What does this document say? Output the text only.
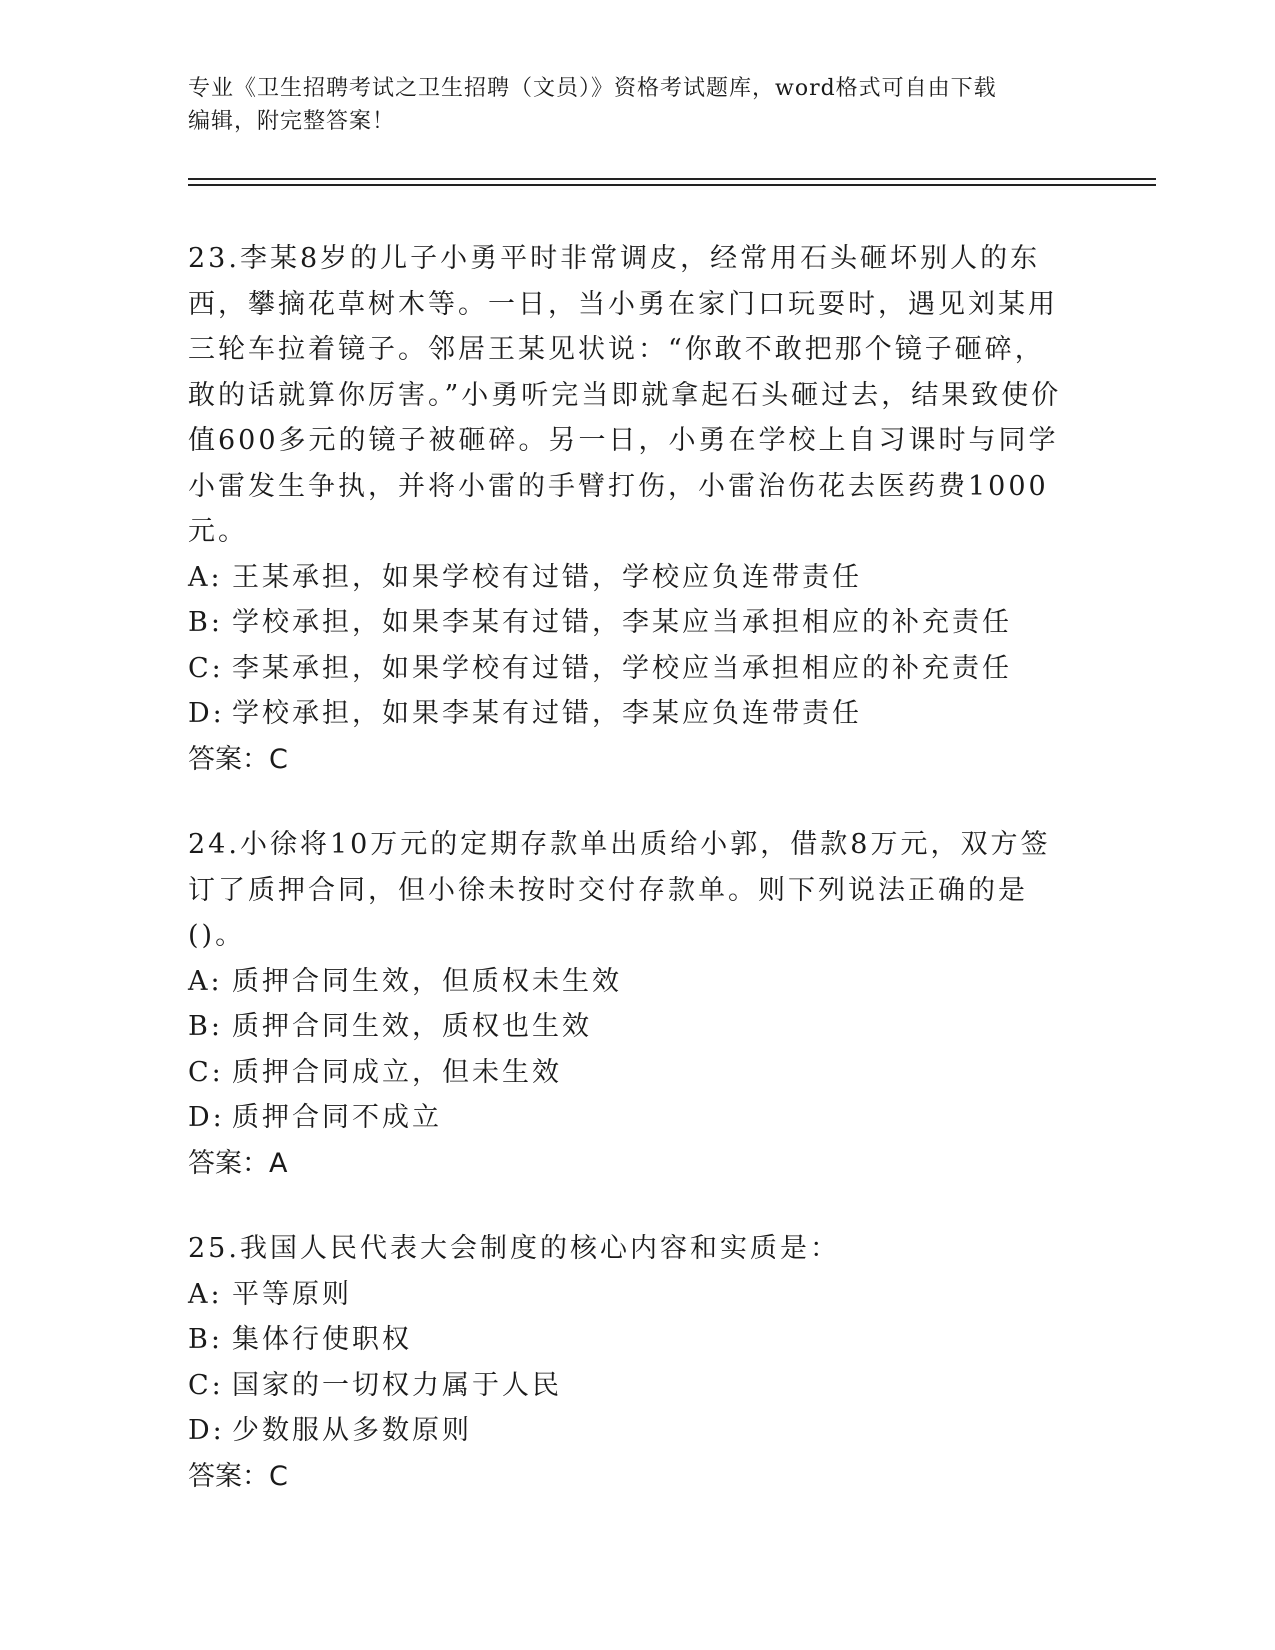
专业《卫生招聘考试之卫生招聘（文员）》资格考试题库，word格式可自由下载
编辑，附完整答案！

23.李某8岁的儿子小勇平时非常调皮，经常用石头砸坏别人的东西，攀摘花草树木等。一日，当小勇在家门口玩耍时，遇见刘某用三轮车拉着镜子。邻居王某见状说：“你敢不敢把那个镜子砸碎，敢的话就算你厉害。”小勇听完当即就拿起石头砸过去，结果致使价值600多元的镜子被砸碎。另一日，小勇在学校上自习课时与同学小雷发生争执，并将小雷的手臂打伤，小雷治伤花去医药费1000元。

A: 王某承担，如果学校有过错，学校应负连带责任

B: 学校承担，如果李某有过错，李某应当承担相应的补充责任

C: 李某承担，如果学校有过错，学校应当承担相应的补充责任

D: 学校承担，如果李某有过错，李某应负连带责任

答案：C

24.小徐将10万元的定期存款单出质给小郭，借款8万元，双方签订了质押合同，但小徐未按时交付存款单。则下列说法正确的是()。

A: 质押合同生效，但质权未生效

B: 质押合同生效，质权也生效

C: 质押合同成立，但未生效

D: 质押合同不成立

答案：A

25.我国人民代表大会制度的核心内容和实质是：

A: 平等原则

B: 集体行使职权

C: 国家的一切权力属于人民

D: 少数服从多数原则

答案：C
